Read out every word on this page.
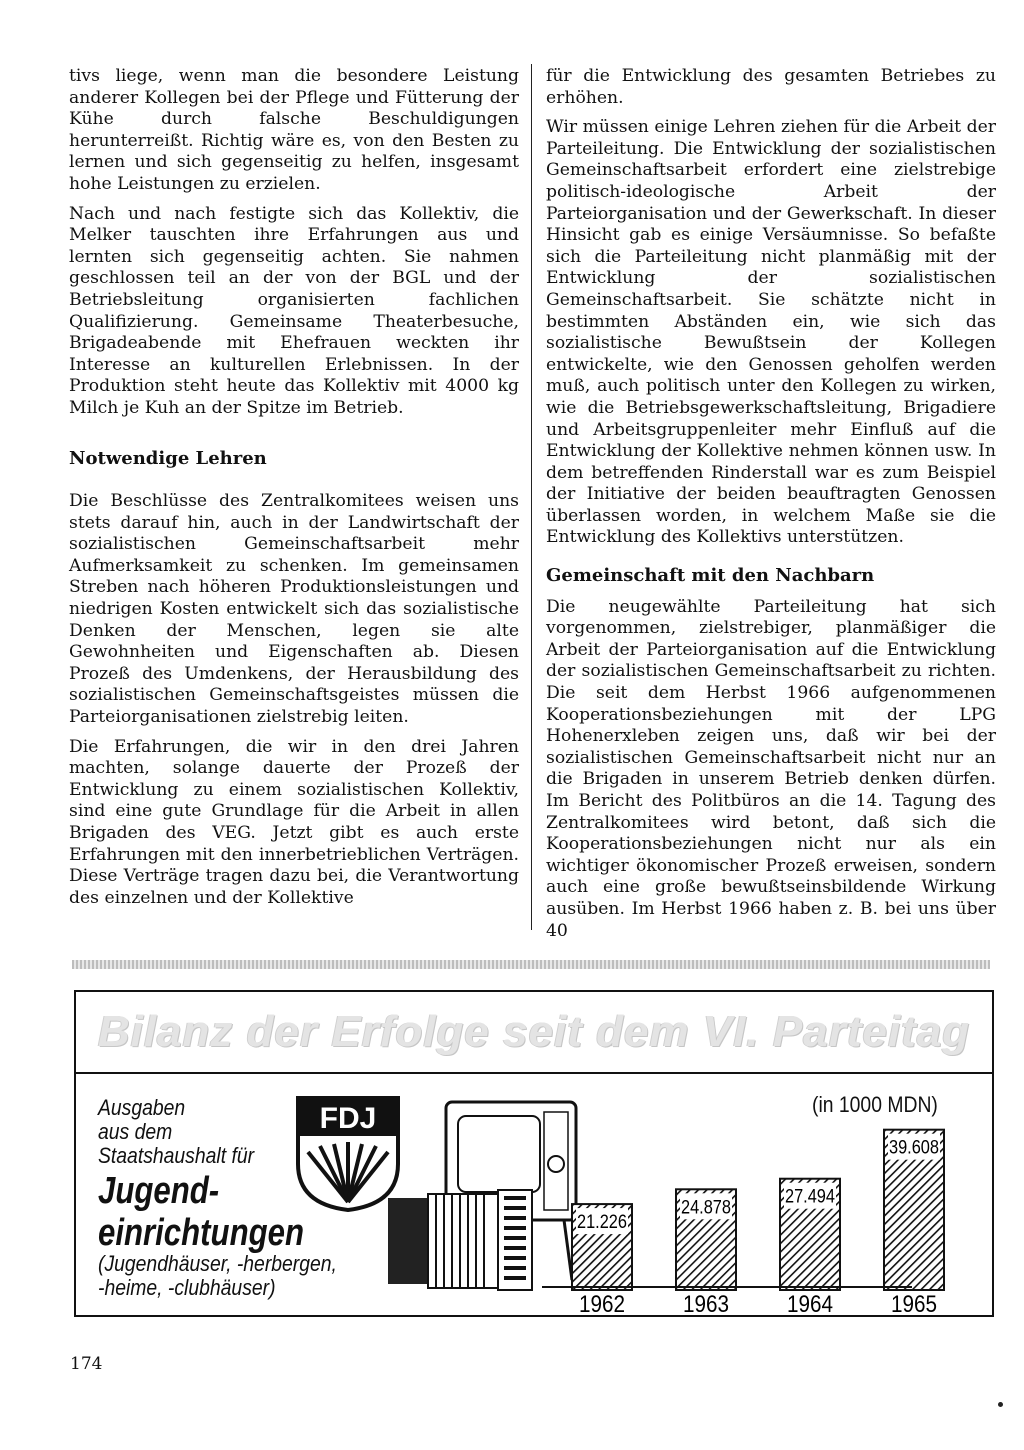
tivs liege, wenn man die besondere Leistung anderer Kollegen bei der Pflege und Fütterung der Kühe durch falsche Beschuldigungen herunterreißt. Richtig wäre es, von den Besten zu lernen und sich gegenseitig zu helfen, insgesamt hohe Leistungen zu erzielen.

Nach und nach festigte sich das Kollektiv, die Melker tauschten ihre Erfahrungen aus und lernten sich gegenseitig achten. Sie nahmen geschlossen teil an der von der BGL und der Betriebsleitung organisierten fachlichen Qualifizierung. Gemeinsame Theaterbesuche, Brigadeabende mit Ehefrauen weckten ihr Interesse an kulturellen Erlebnissen. In der Produktion steht heute das Kollektiv mit 4000 kg Milch je Kuh an der Spitze im Betrieb.

Notwendige Lehren

Die Beschlüsse des Zentralkomitees weisen uns stets darauf hin, auch in der Landwirtschaft der sozialistischen Gemeinschaftsarbeit mehr Aufmerksamkeit zu schenken. Im gemeinsamen Streben nach höheren Produktionsleistungen und niedrigen Kosten entwickelt sich das sozialistische Denken der Menschen, legen sie alte Gewohnheiten und Eigenschaften ab. Diesen Prozeß des Umdenkens, der Herausbildung des sozialistischen Gemeinschaftsgeistes müssen die Parteiorganisationen zielstrebig leiten.

Die Erfahrungen, die wir in den drei Jahren machten, solange dauerte der Prozeß der Entwicklung zu einem sozialistischen Kollektiv, sind eine gute Grundlage für die Arbeit in allen Brigaden des VEG. Jetzt gibt es auch erste Erfahrungen mit den innerbetrieblichen Verträgen. Diese Verträge tragen dazu bei, die Verantwortung des einzelnen und der Kollektive

für die Entwicklung des gesamten Betriebes zu erhöhen.

Wir müssen einige Lehren ziehen für die Arbeit der Parteileitung. Die Entwicklung der sozialistischen Gemeinschaftsarbeit erfordert eine zielstrebige politisch-ideologische Arbeit der Parteiorganisation und der Gewerkschaft. In dieser Hinsicht gab es einige Versäumnisse. So befaßte sich die Parteileitung nicht planmäßig mit der Entwicklung der sozialistischen Gemeinschaftsarbeit. Sie schätzte nicht in bestimmten Abständen ein, wie sich das sozialistische Bewußtsein der Kollegen entwickelte, wie den Genossen geholfen werden muß, auch politisch unter den Kollegen zu wirken, wie die Betriebsgewerkschaftsleitung, Brigadiere und Arbeitsgruppenleiter mehr Einfluß auf die Entwicklung der Kollektive nehmen können usw. In dem betreffenden Rinderstall war es zum Beispiel der Initiative der beiden beauftragten Genossen überlassen worden, in welchem Maße sie die Entwicklung des Kollektivs unterstützen.

Gemeinschaft mit den Nachbarn

Die neugewählte Parteileitung hat sich vorgenommen, zielstrebiger, planmäßiger die Arbeit der Parteiorganisation auf die Entwicklung der sozialistischen Gemeinschaftsarbeit zu richten. Die seit dem Herbst 1966 aufgenommenen Kooperationsbeziehungen mit der LPG Hohenerxleben zeigen uns, daß wir bei der sozialistischen Gemeinschaftsarbeit nicht nur an die Brigaden in unserem Betrieb denken dürfen. Im Bericht des Politbüros an die 14. Tagung des Zentralkomitees wird betont, daß sich die Kooperationsbeziehungen nicht nur als ein wichtiger ökonomischer Prozeß erweisen, sondern auch eine große bewußtseinsbildende Wirkung ausüben. Im Herbst 1966 haben z. B. bei uns über 40

Bilanz der Erfolge seit dem VI. Parteitag
Ausgaben
aus dem
Staatshaushalt für
Jugend-
einrichtungen
(Jugendhäuser, -herbergen,
-heime, -clubhäuser)
FDJ	(in 1000 MDN)
21.226
1962
24.878
1963
27.494
1964
39.608
1965
174
